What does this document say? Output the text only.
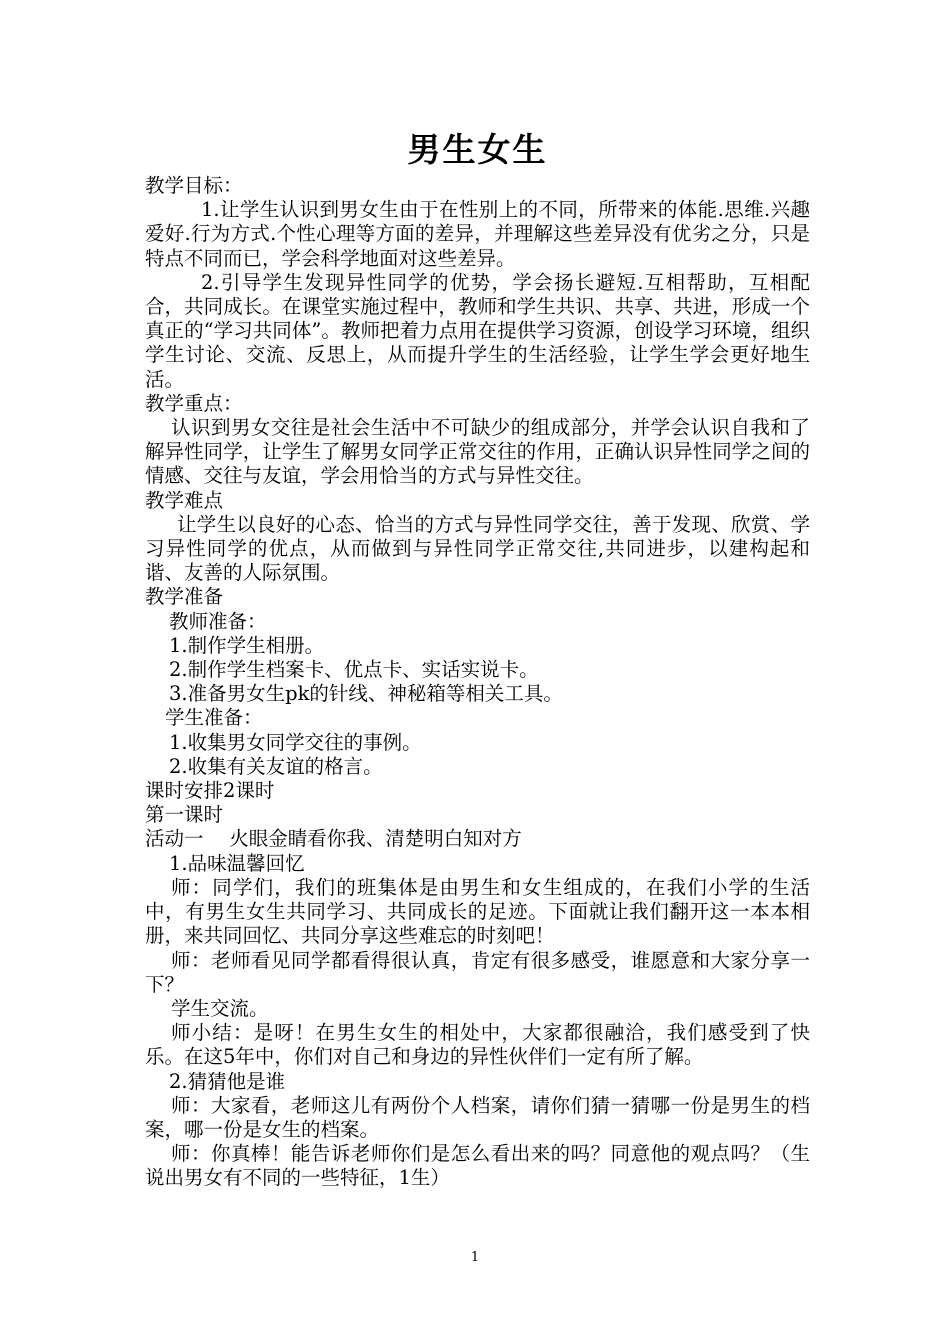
男生女生
教学目标：

1.让学生认识到男女生由于在性别上的不同，所带来的体能.思维.兴趣爱好.行为方式.个性心理等方面的差异，并理解这些差异没有优劣之分，只是特点不同而已，学会科学地面对这些差异。

2.引导学生发现异性同学的优势，学会扬长避短.互相帮助，互相配合，共同成长。在课堂实施过程中，教师和学生共识、共享、共进，形成一个真正的“学习共同体”。教师把着力点用在提供学习资源，创设学习环境，组织学生讨论、交流、反思上，从而提升学生的生活经验，让学生学会更好地生活。

教学重点：

认识到男女交往是社会生活中不可缺少的组成部分，并学会认识自我和了解异性同学，让学生了解男女同学正常交往的作用，正确认识异性同学之间的情感、交往与友谊，学会用恰当的方式与异性交往。

教学难点

让学生以良好的心态、恰当的方式与异性同学交往，善于发现、欣赏、学习异性同学的优点，从而做到与异性同学正常交往,共同进步，以建构起和谐、友善的人际氛围。

教学准备
教师准备：
1.制作学生相册。
2.制作学生档案卡、优点卡、实话实说卡。
3.准备男女生pk的针线、神秘箱等相关工具。
学生准备：
1.收集男女同学交往的事例。
2.收集有关友谊的格言。
课时安排2课时
第一课时
活动一　 火眼金睛看你我、清楚明白知对方
1.品味温馨回忆

师：同学们，我们的班集体是由男生和女生组成的，在我们小学的生活中，有男生女生共同学习、共同成长的足迹。下面就让我们翻开这一本本相册，来共同回忆、共同分享这些难忘的时刻吧！

师：老师看见同学都看得很认真，肯定有很多感受，谁愿意和大家分享一下？

学生交流。

师小结：是呀！在男生女生的相处中，大家都很融洽，我们感受到了快乐。在这5年中，你们对自己和身边的异性伙伴们一定有所了解。

2.猜猜他是谁

师：大家看，老师这儿有两份个人档案，请你们猜一猜哪一份是男生的档案，哪一份是女生的档案。

师：你真棒！能告诉老师你们是怎么看出来的吗？同意他的观点吗？（生说出男女有不同的一些特征，1生）

1
